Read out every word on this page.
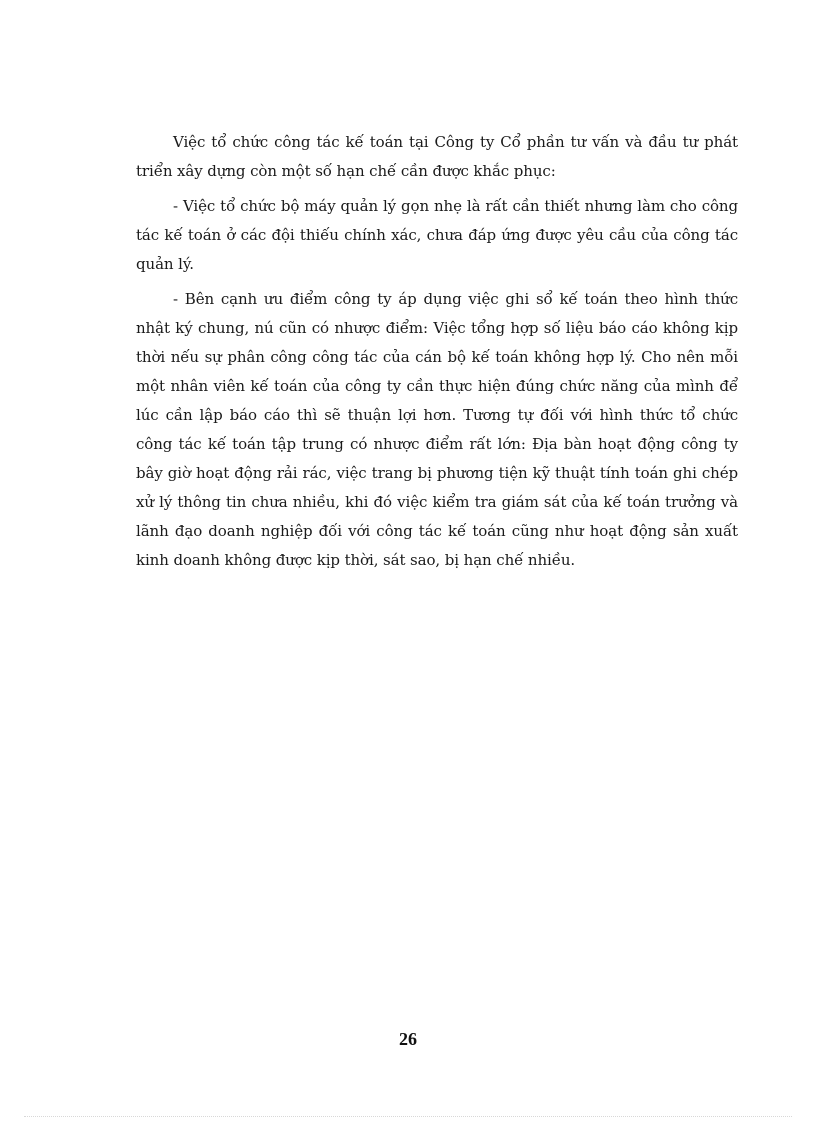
Việc tổ chức công tác kế toán tại Công ty Cổ phần tư vấn và đầu tư phát triển xây dựng còn một số hạn chế cần được khắc phục:

- Việc tổ chức bộ máy quản lý gọn nhẹ là rất cần thiết nhưng làm cho công tác kế toán ở các đội thiếu chính xác, chưa đáp ứng được yêu cầu của công tác quản lý.

- Bên cạnh ưu điểm công ty áp dụng việc ghi sổ kế toán theo hình thức nhật ký chung, nú cũn có nhược điểm: Việc tổng hợp số liệu báo cáo không kịp thời nếu sự phân công công tác của cán bộ kế toán không hợp lý. Cho nên mỗi một nhân viên kế toán của công ty cần thực hiện đúng chức năng của mình để lúc cần lập báo cáo thì sẽ thuận lợi hơn. Tương tự đối với hình thức tổ chức công tác kế toán tập trung có nhược điểm rất lớn: Địa bàn hoạt động công ty bây giờ hoạt động rải rác, việc trang bị phương tiện kỹ thuật tính toán ghi chép xử lý thông tin chưa nhiều, khi đó việc kiểm tra giám sát của kế toán trưởng và lãnh đạo doanh nghiệp đối với công tác kế toán cũng như hoạt động sản xuất kinh doanh không được kịp thời, sát sao, bị hạn chế nhiều.

26
